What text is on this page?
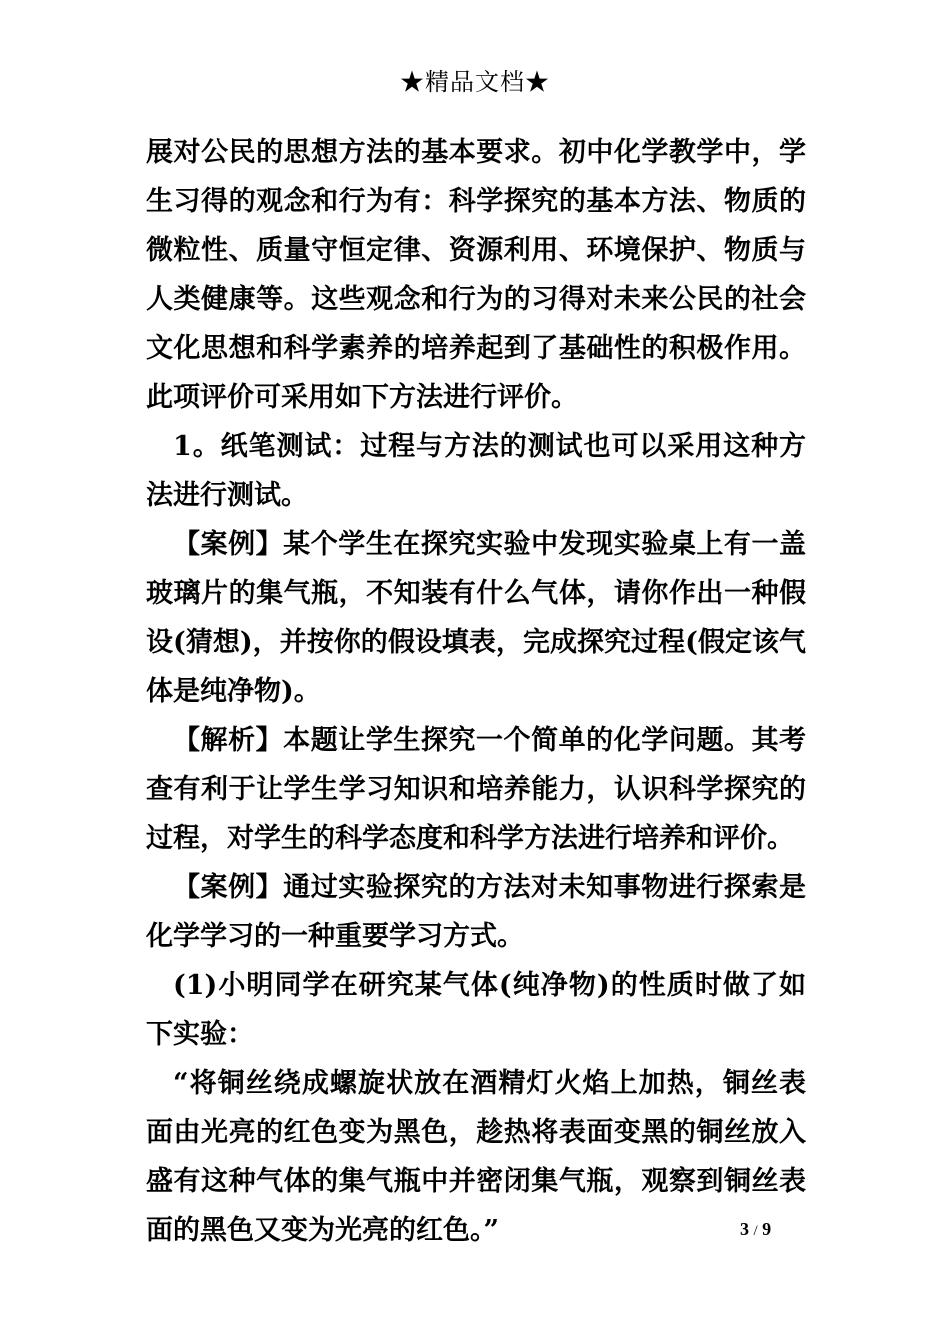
★精品文档★

展对公民的思想方法的基本要求。初中化学教学中，学生习得的观念和行为有：科学探究的基本方法、物质的微粒性、质量守恒定律、资源利用、环境保护、物质与人类健康等。这些观念和行为的习得对未来公民的社会文化思想和科学素养的培养起到了基础性的积极作用。此项评价可采用如下方法进行评价。

1。纸笔测试：过程与方法的测试也可以采用这种方法进行测试。

【案例】某个学生在探究实验中发现实验桌上有一盖玻璃片的集气瓶，不知装有什么气体，请你作出一种假设(猜想)，并按你的假设填表，完成探究过程(假定该气体是纯净物)。

【解析】本题让学生探究一个简单的化学问题。其考查有利于让学生学习知识和培养能力，认识科学探究的过程，对学生的科学态度和科学方法进行培养和评价。

【案例】通过实验探究的方法对未知事物进行探索是化学学习的一种重要学习方式。

(1)小明同学在研究某气体(纯净物)的性质时做了如下实验：

“将铜丝绕成螺旋状放在酒精灯火焰上加热，铜丝表面由光亮的红色变为黑色，趁热将表面变黑的铜丝放入盛有这种气体的集气瓶中并密闭集气瓶，观察到铜丝表面的黑色又变为光亮的红色。”	3 / 9
